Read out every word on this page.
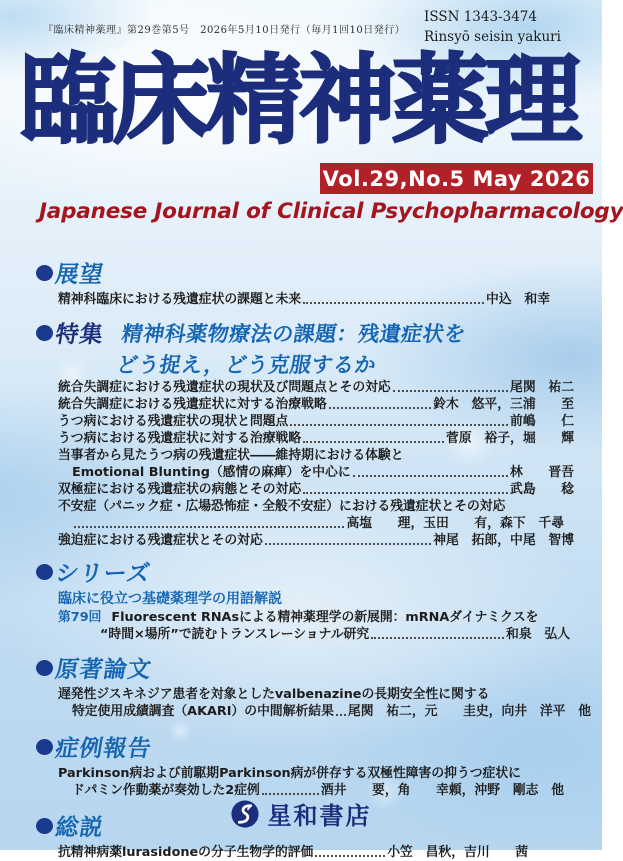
『臨床精神薬理』第29巻第5号　2026年5月10日発行（毎月1回10日発行）
ISSN 1343-3474
Rinsyō seisin yakuri
臨床精神薬理
Vol.29,No.5 May 2026
Japanese Journal of Clinical Psychopharmacology
展望
精神科臨床における残遺症状の課題と未来	中込　和幸
特集 精神科薬物療法の課題：残遺症状を
どう捉え，どう克服するか
統合失調症における残遺症状の現状及び問題点とその対応	尾関　祐二
統合失調症における残遺症状に対する治療戦略	鈴木　悠平，三浦　　至
うつ病における残遺症状の現状と問題点	前嶋　　仁
うつ病における残遺症状に対する治療戦略	菅原　裕子，堀　　輝
当事者から見たうつ病の残遺症状――維持期における体験と
Emotional Blunting（感情の麻痺）を中心に	林　　晋吾
双極症における残遺症状の病態とその対応	武島　　稔
不安症（パニック症・広場恐怖症・全般不安症）における残遺症状とその対応
高塩　　理，玉田　　有，森下　千尋
強迫症における残遺症状とその対応	神尾　拓郎，中尾　智博
シリーズ
臨床に役立つ基礎薬理学の用語解説
第79回 Fluorescent RNAsによる精神薬理学の新展開：mRNAダイナミクスを
“時間×場所”で読むトランスレーショナル研究	和泉　弘人
原著論文
遅発性ジスキネジア患者を対象としたvalbenazineの長期安全性に関する
特定使用成績調査（AKARI）の中間解析結果 尾関　祐二，元　　圭史，向井　洋平　他
症例報告
Parkinson病および前駆期Parkinson病が併存する双極性障害の抑うつ症状に
ドパミン作動薬が奏効した2症例	酒井　　要，角　　幸頼，沖野　剛志　他
総説
抗精神病薬lurasidoneの分子生物学的評価	小笠　昌秋，吉川　　茜
星和書店
